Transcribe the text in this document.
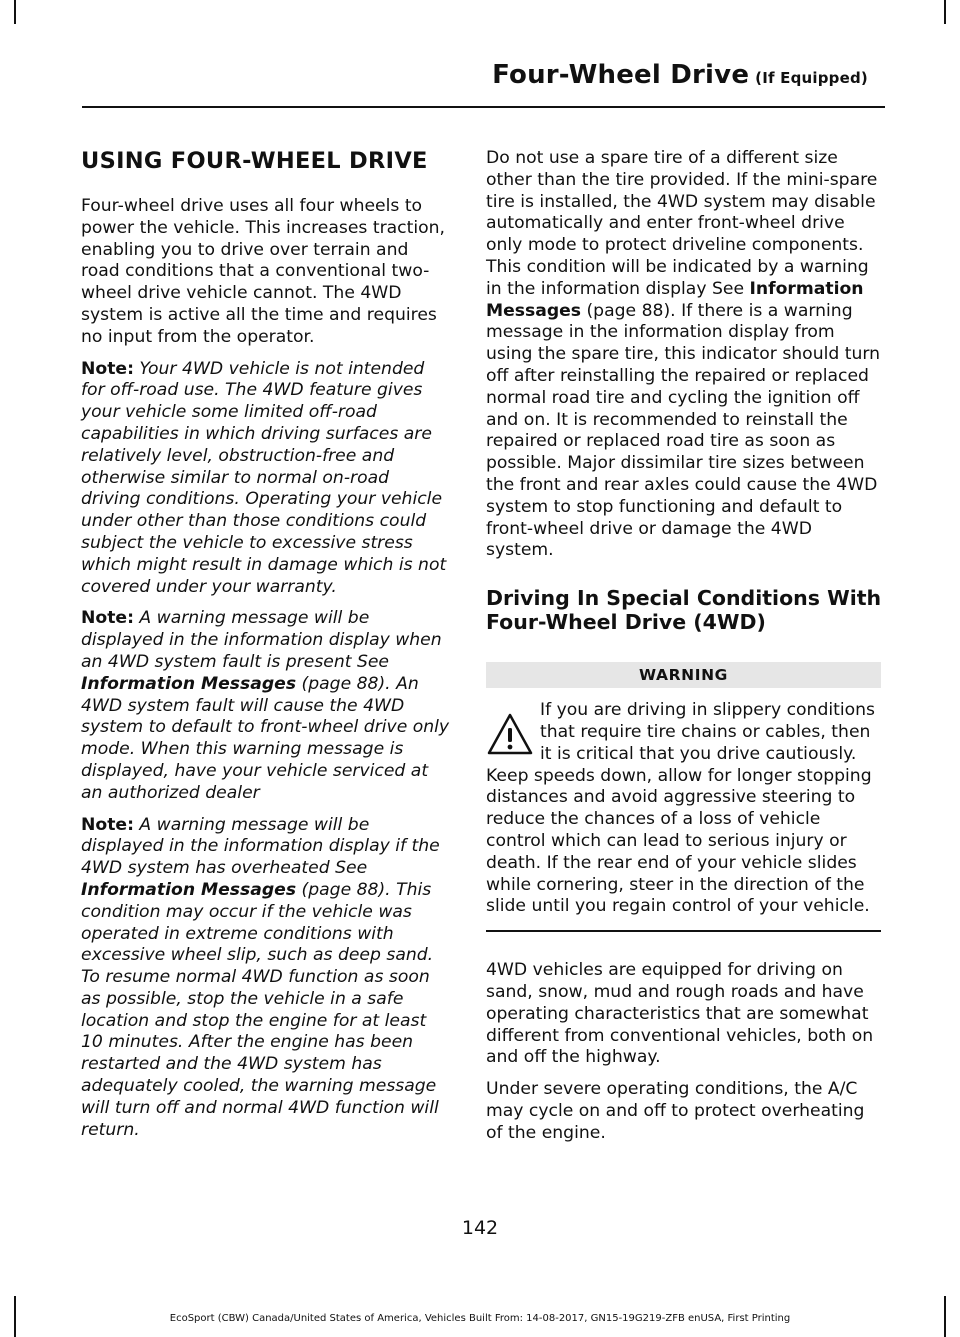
Four-Wheel Drive (If Equipped)
USING FOUR-WHEEL DRIVE

Four-wheel drive uses all four wheels to power the vehicle. This increases traction, enabling you to drive over terrain and road conditions that a conventional two-wheel drive vehicle cannot. The 4WD system is active all the time and requires no input from the operator.

Note: Your 4WD vehicle is not intended for off-road use. The 4WD feature gives your vehicle some limited off-road capabilities in which driving surfaces are relatively level, obstruction-free and otherwise similar to normal on-road driving conditions. Operating your vehicle under other than those conditions could subject the vehicle to excessive stress which might result in damage which is not covered under your warranty.

Note: A warning message will be displayed in the information display when an 4WD system fault is present See Information Messages (page 88). An 4WD system fault will cause the 4WD system to default to front-wheel drive only mode. When this warning message is displayed, have your vehicle serviced at an authorized dealer

Note: A warning message will be displayed in the information display if the 4WD system has overheated See Information Messages (page 88). This condition may occur if the vehicle was operated in extreme conditions with excessive wheel slip, such as deep sand. To resume normal 4WD function as soon as possible, stop the vehicle in a safe location and stop the engine for at least 10 minutes. After the engine has been restarted and the 4WD system has adequately cooled, the warning message will turn off and normal 4WD function will return.

Do not use a spare tire of a different size other than the tire provided. If the mini-spare tire is installed, the 4WD system may disable automatically and enter front-wheel drive only mode to protect driveline components. This condition will be indicated by a warning in the information display See Information Messages (page 88). If there is a warning message in the information display from using the spare tire, this indicator should turn off after reinstalling the repaired or replaced normal road tire and cycling the ignition off and on. It is recommended to reinstall the repaired or replaced road tire as soon as possible. Major dissimilar tire sizes between the front and rear axles could cause the 4WD system to stop functioning and default to front-wheel drive or damage the 4WD system.

Driving In Special Conditions With
Four-Wheel Drive (4WD)
WARNING
If you are driving in slippery conditions that require tire chains or cables, then it is critical that you drive cautiously. Keep speeds down, allow for longer stopping distances and avoid aggressive steering to reduce the chances of a loss of vehicle control which can lead to serious injury or death. If the rear end of your vehicle slides while cornering, steer in the direction of the slide until you regain control of your vehicle.

4WD vehicles are equipped for driving on sand, snow, mud and rough roads and have operating characteristics that are somewhat different from conventional vehicles, both on and off the highway.

Under severe operating conditions, the A/C may cycle on and off to protect overheating of the engine.

142
EcoSport (CBW) Canada/United States of America, Vehicles Built From: 14-08-2017, GN15-19G219-ZFB enUSA, First Printing
